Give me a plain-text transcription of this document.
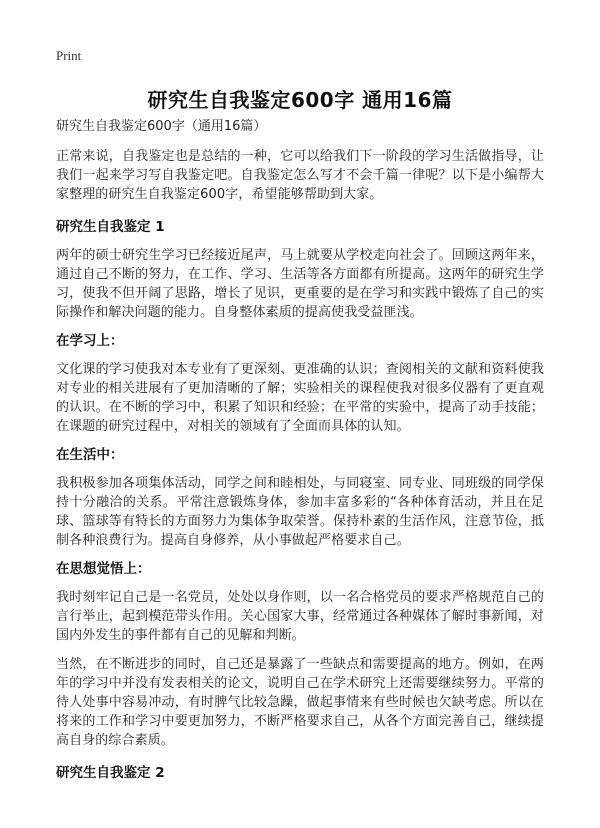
Print
研究生自我鉴定600字 通用16篇
研究生自我鉴定600字（通用16篇）

正常来说，自我鉴定也是总结的一种，它可以给我们下一阶段的学习生活做指导，让我们一起来学习写自我鉴定吧。自我鉴定怎么写才不会千篇一律呢？以下是小编帮大家整理的研究生自我鉴定600字，希望能够帮助到大家。

研究生自我鉴定 1

两年的硕士研究生学习已经接近尾声，马上就要从学校走向社会了。回顾这两年来，通过自己不断的努力，在工作、学习、生活等各方面都有所提高。这两年的研究生学习，使我不但开阔了思路，增长了见识，更重要的是在学习和实践中锻炼了自己的实际操作和解决问题的能力。自身整体素质的提高使我受益匪浅。

在学习上：

文化课的学习使我对本专业有了更深刻、更准确的认识；查阅相关的文献和资料使我对专业的相关进展有了更加清晰的了解；实验相关的课程使我对很多仪器有了更直观的认识。在不断的学习中，积累了知识和经验；在平常的实验中，提高了动手技能；在课题的研究过程中，对相关的领域有了全面而具体的认知。

在生活中：

我积极参加各项集体活动，同学之间和睦相处，与同寝室、同专业、同班级的同学保持十分融洽的关系。平常注意锻炼身体，参加丰富多彩的“各种体育活动，并且在足球、篮球等有特长的方面努力为集体争取荣誉。保持朴素的生活作风，注意节俭，抵制各种浪费行为。提高自身修养，从小事做起严格要求自己。

在思想觉悟上：

我时刻牢记自己是一名党员，处处以身作则，以一名合格党员的要求严格规范自己的言行举止，起到模范带头作用。关心国家大事，经常通过各种媒体了解时事新闻，对国内外发生的事件都有自己的见解和判断。

当然，在不断进步的同时，自己还是暴露了一些缺点和需要提高的地方。例如，在两年的学习中并没有发表相关的论文，说明自己在学术研究上还需要继续努力。平常的待人处事中容易冲动，有时脾气比较急躁，做起事情来有些时候也欠缺考虑。所以在将来的工作和学习中要更加努力，不断严格要求自己，从各个方面完善自己，继续提高自身的综合素质。

研究生自我鉴定 2
